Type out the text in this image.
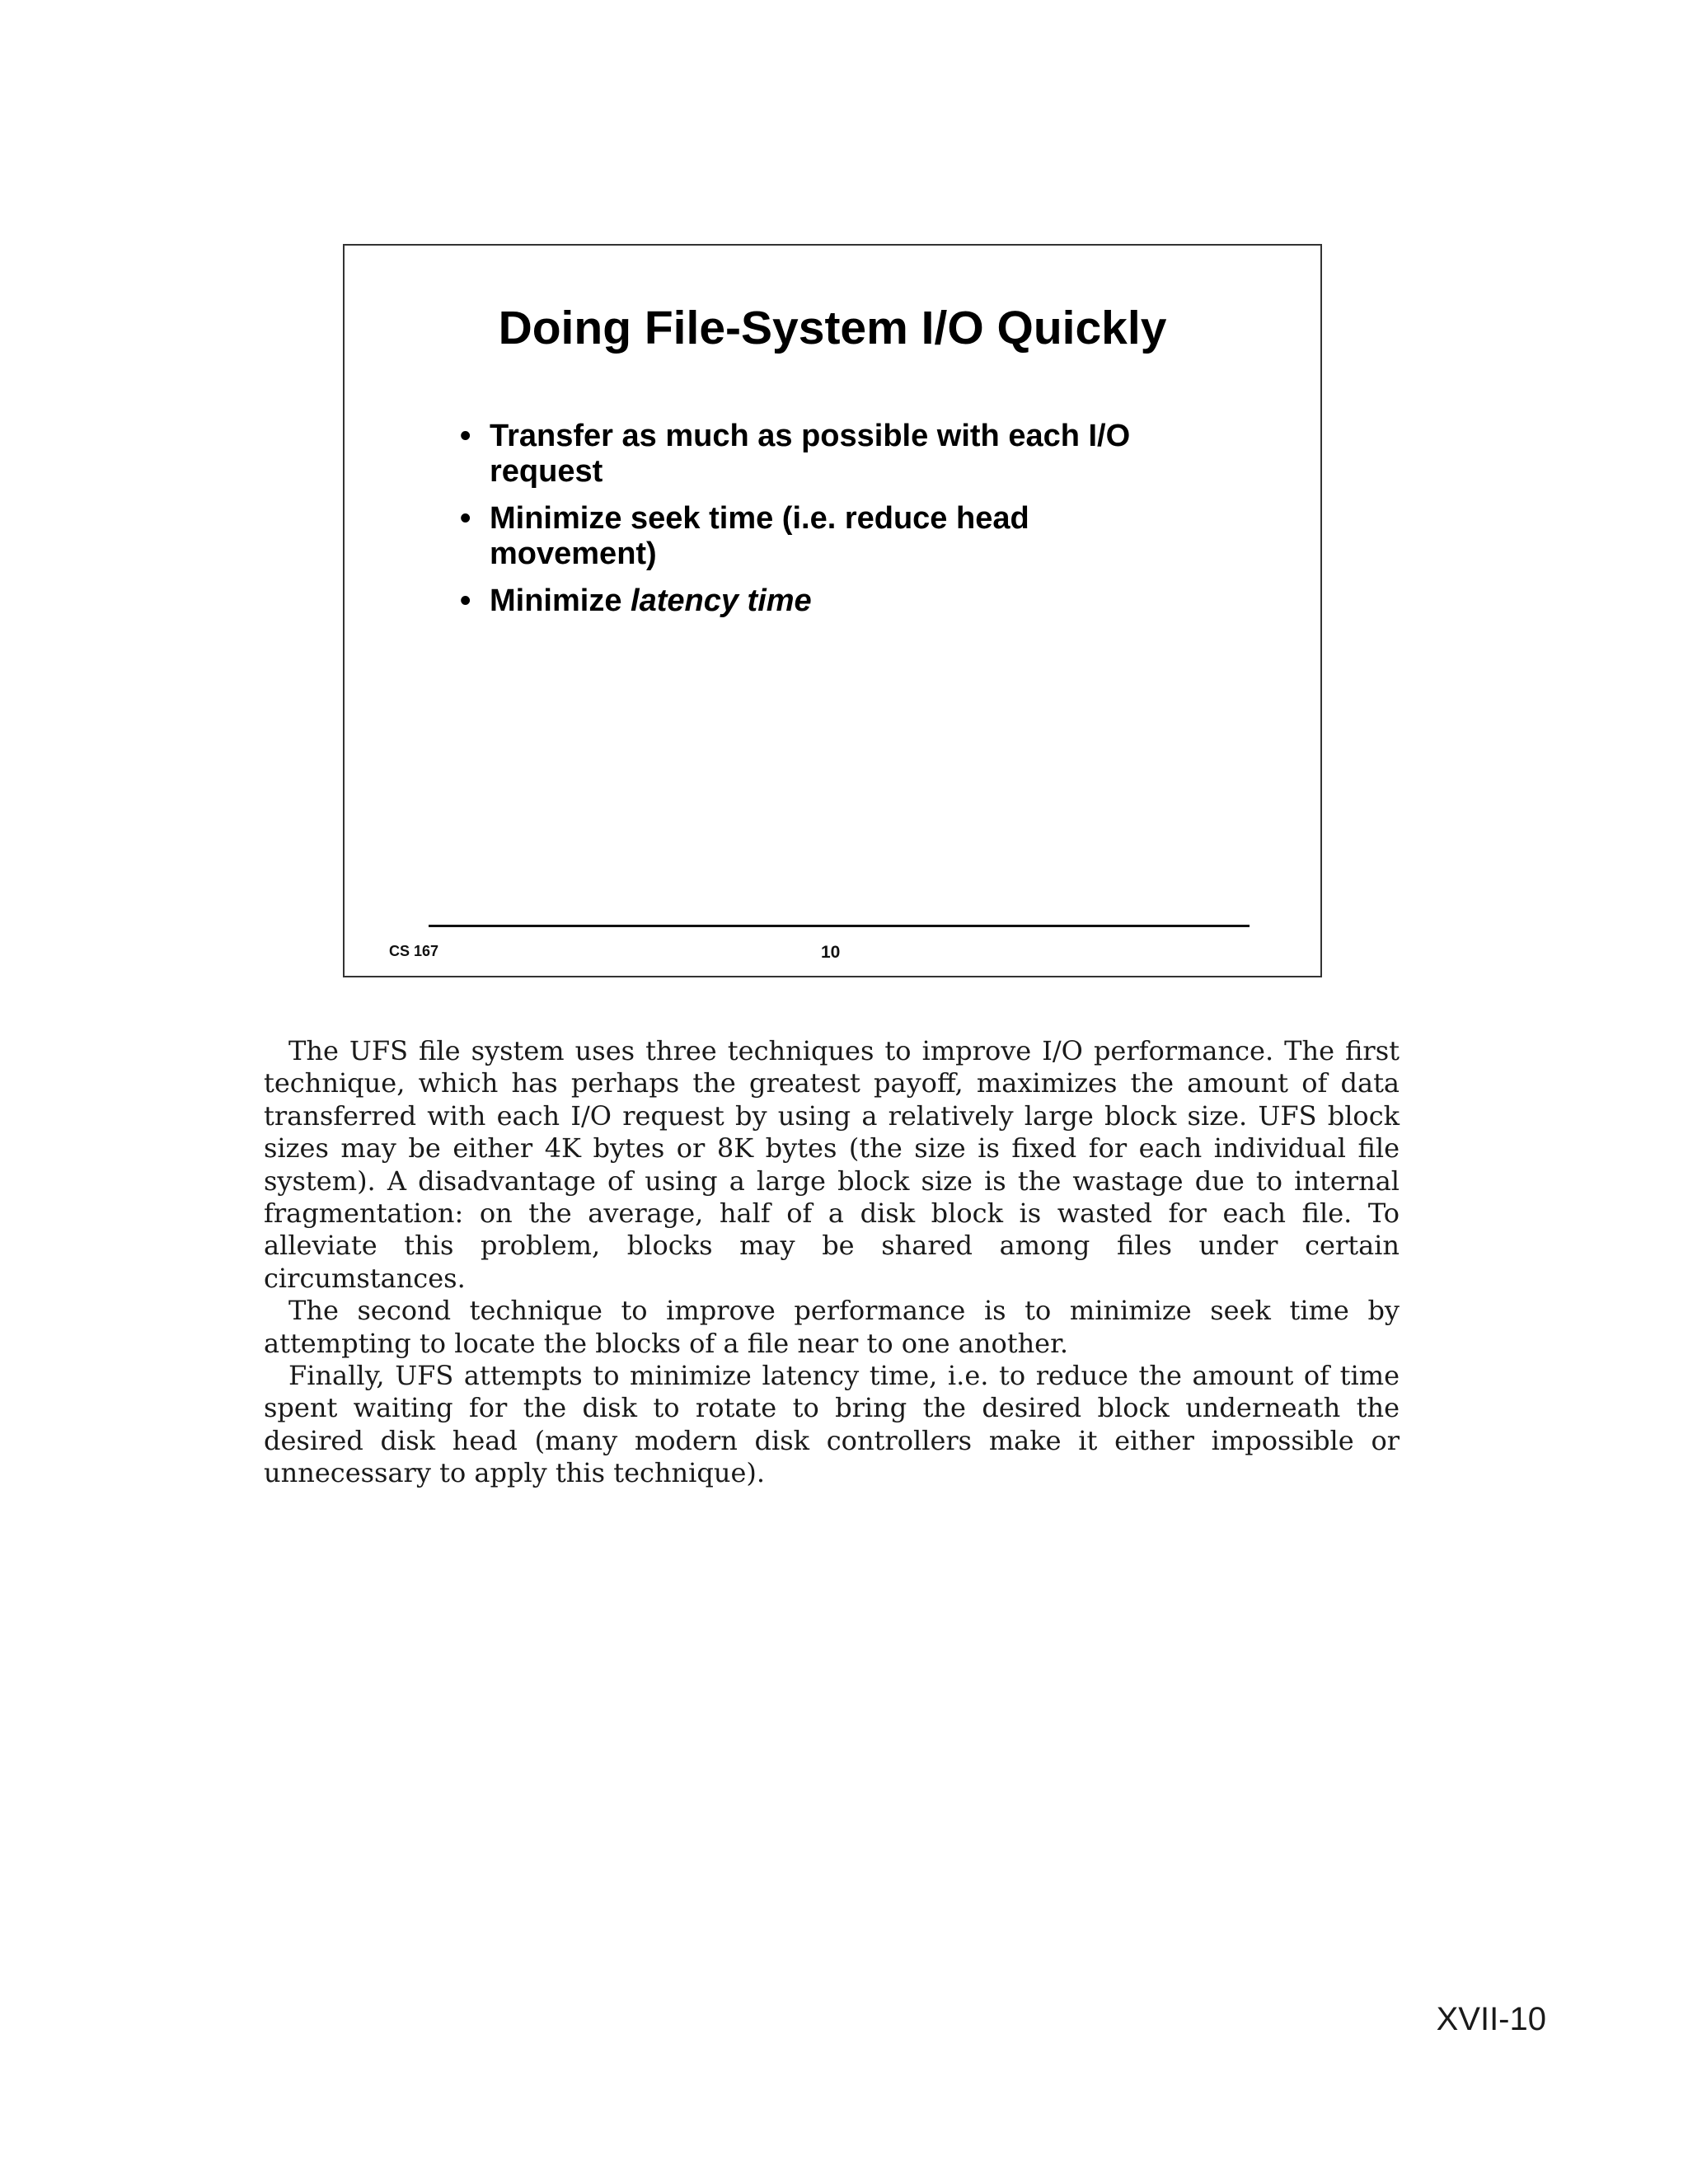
Doing File-System I/O Quickly
• Transfer as much as possible with each I/O request
• Minimize seek time (i.e. reduce head movement)
• Minimize latency time
CS 167	10

The UFS file system uses three techniques to improve I/O performance. The first technique, which has perhaps the greatest payoff, maximizes the amount of data transferred with each I/O request by using a relatively large block size. UFS block sizes may be either 4K bytes or 8K bytes (the size is fixed for each individual file system). A disadvantage of using a large block size is the wastage due to internal fragmentation: on the average, half of a disk block is wasted for each file. To alleviate this problem, blocks may be shared among files under certain circumstances.

The second technique to improve performance is to minimize seek time by attempting to locate the blocks of a file near to one another.

Finally, UFS attempts to minimize latency time, i.e. to reduce the amount of time spent waiting for the disk to rotate to bring the desired block underneath the desired disk head (many modern disk controllers make it either impossible or unnecessary to apply this technique).

XVII-10
